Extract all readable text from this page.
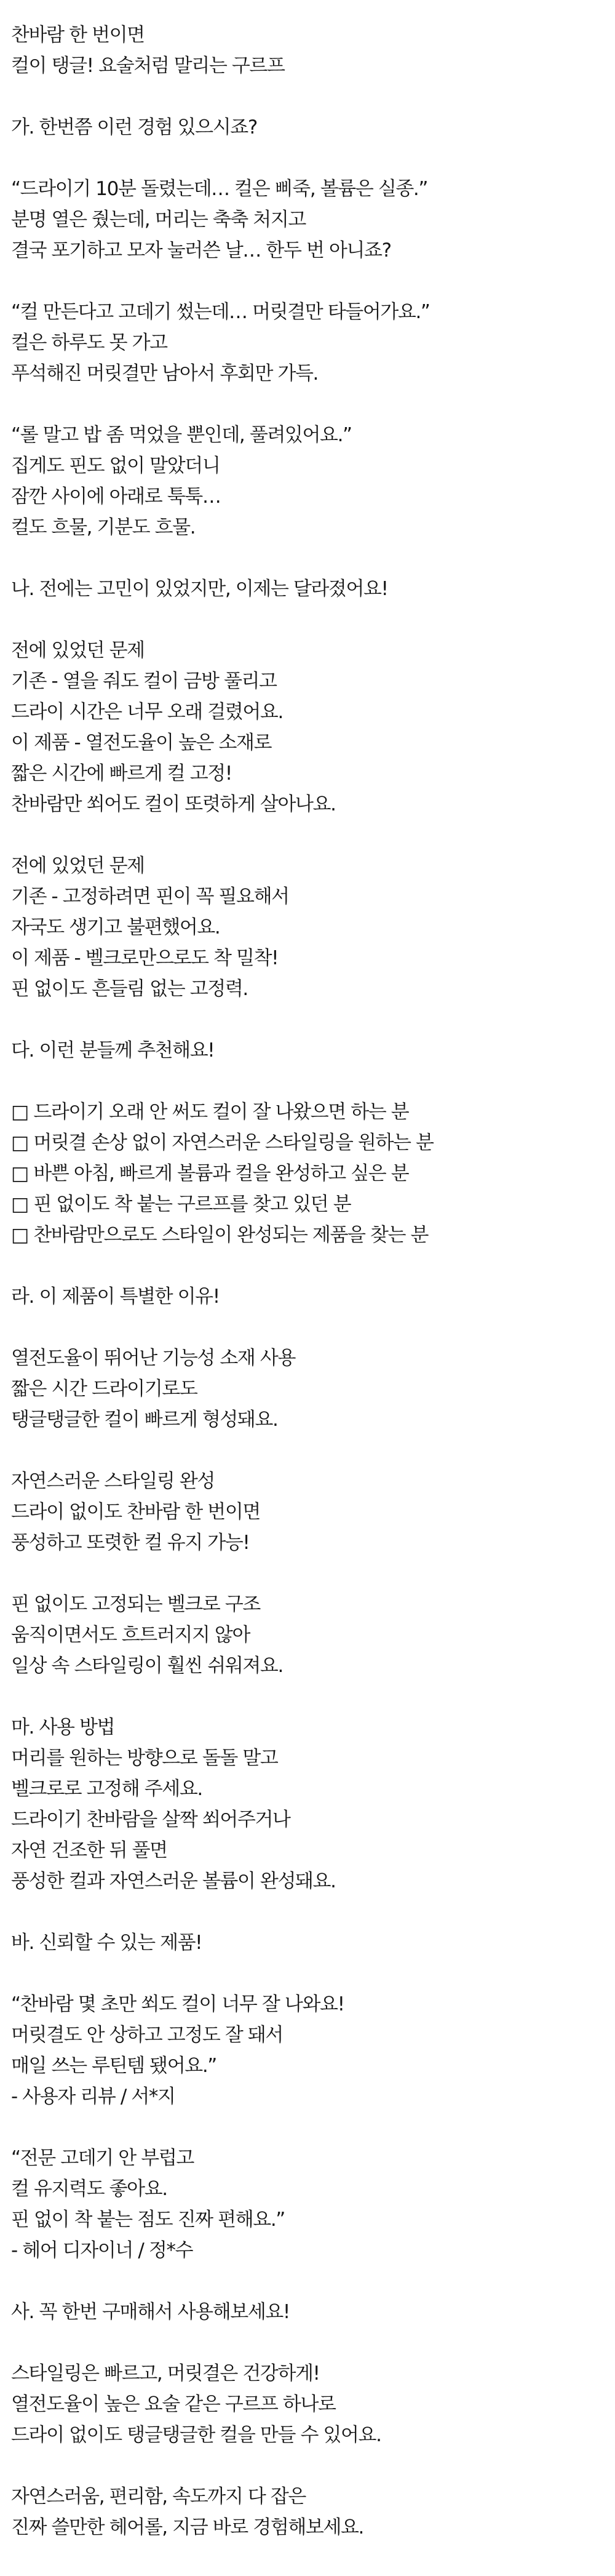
찬바람 한 번이면
컬이 탱글! 요술처럼 말리는 구르프
가. 한번쯤 이런 경험 있으시죠?
“드라이기 10분 돌렸는데… 컬은 삐죽, 볼륨은 실종.”
분명 열은 줬는데, 머리는 축축 처지고
결국 포기하고 모자 눌러쓴 날… 한두 번 아니죠?
“컬 만든다고 고데기 썼는데… 머릿결만 타들어가요.”
컬은 하루도 못 가고
푸석해진 머릿결만 남아서 후회만 가득.
“롤 말고 밥 좀 먹었을 뿐인데, 풀려있어요.”
집게도 핀도 없이 말았더니
잠깐 사이에 아래로 툭툭…
컬도 흐물, 기분도 흐물.
나. 전에는 고민이 있었지만, 이제는 달라졌어요!
전에 있었던 문제
기존 - 열을 줘도 컬이 금방 풀리고
드라이 시간은 너무 오래 걸렸어요.
이 제품 - 열전도율이 높은 소재로
짧은 시간에 빠르게 컬 고정!
찬바람만 쐬어도 컬이 또렷하게 살아나요.
전에 있었던 문제
기존 - 고정하려면 핀이 꼭 필요해서
자국도 생기고 불편했어요.
이 제품 - 벨크로만으로도 착 밀착!
핀 없이도 흔들림 없는 고정력.
다. 이런 분들께 추천해요!
□ 드라이기 오래 안 써도 컬이 잘 나왔으면 하는 분
□ 머릿결 손상 없이 자연스러운 스타일링을 원하는 분
□ 바쁜 아침, 빠르게 볼륨과 컬을 완성하고 싶은 분
□ 핀 없이도 착 붙는 구르프를 찾고 있던 분
□ 찬바람만으로도 스타일이 완성되는 제품을 찾는 분
라. 이 제품이 특별한 이유!
열전도율이 뛰어난 기능성 소재 사용
짧은 시간 드라이기로도
탱글탱글한 컬이 빠르게 형성돼요.
자연스러운 스타일링 완성
드라이 없이도 찬바람 한 번이면
풍성하고 또렷한 컬 유지 가능!
핀 없이도 고정되는 벨크로 구조
움직이면서도 흐트러지지 않아
일상 속 스타일링이 훨씬 쉬워져요.
마. 사용 방법
머리를 원하는 방향으로 돌돌 말고
벨크로로 고정해 주세요.
드라이기 찬바람을 살짝 쐬어주거나
자연 건조한 뒤 풀면
풍성한 컬과 자연스러운 볼륨이 완성돼요.
바. 신뢰할 수 있는 제품!
“찬바람 몇 초만 쐬도 컬이 너무 잘 나와요!
머릿결도 안 상하고 고정도 잘 돼서
매일 쓰는 루틴템 됐어요.”
- 사용자 리뷰 / 서*지
“전문 고데기 안 부럽고
컬 유지력도 좋아요.
핀 없이 착 붙는 점도 진짜 편해요.”
- 헤어 디자이너 / 정*수
사. 꼭 한번 구매해서 사용해보세요!
스타일링은 빠르고, 머릿결은 건강하게!
열전도율이 높은 요술 같은 구르프 하나로
드라이 없이도 탱글탱글한 컬을 만들 수 있어요.
자연스러움, 편리함, 속도까지 다 잡은
진짜 쓸만한 헤어롤, 지금 바로 경험해보세요.
